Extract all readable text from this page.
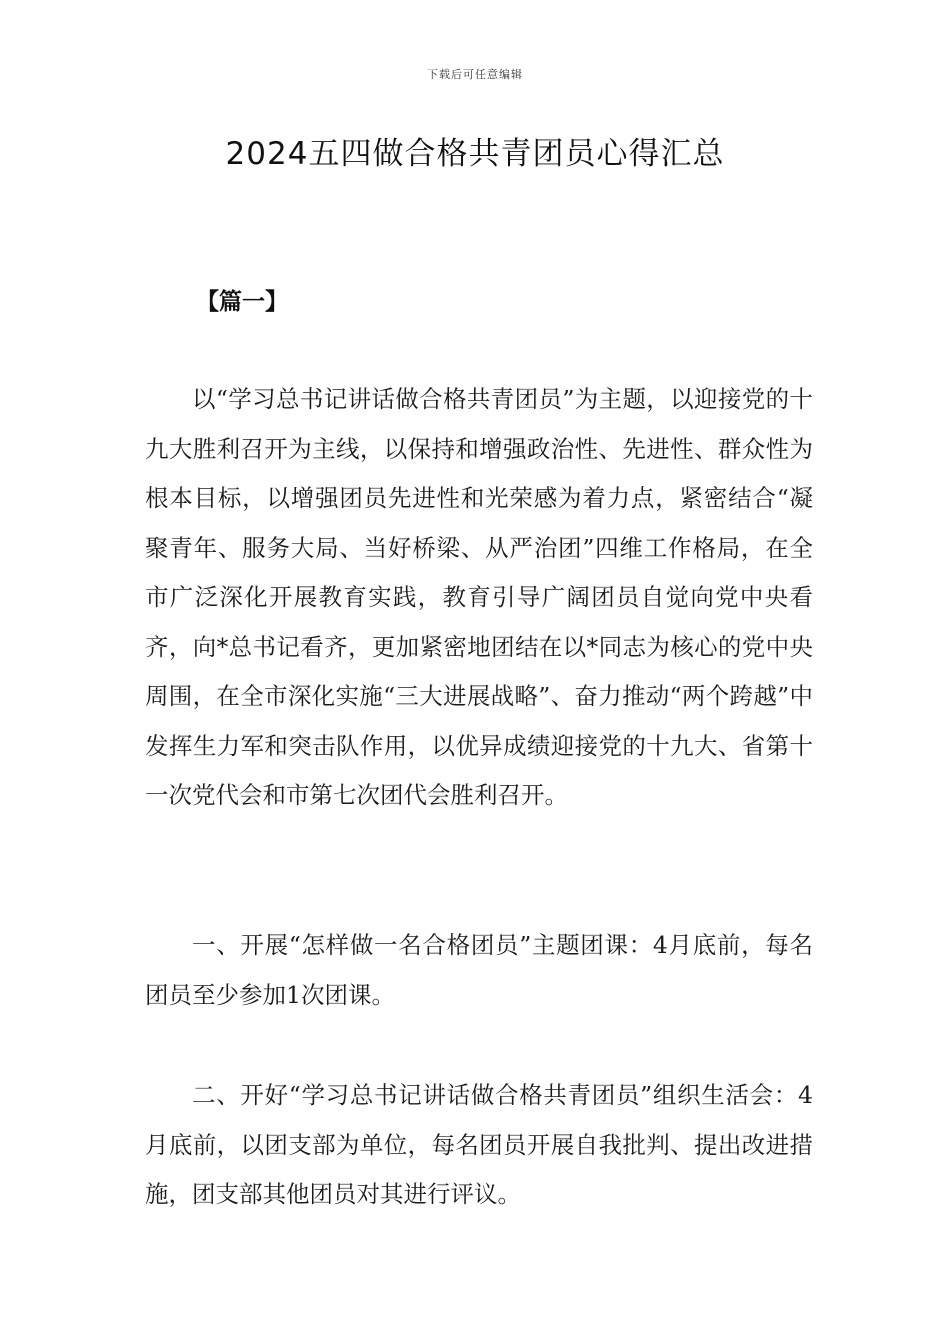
下载后可任意编辑
2024五四做合格共青团员心得汇总

【篇一】

以“学习总书记讲话做合格共青团员”为主题，以迎接党的十九大胜利召开为主线，以保持和增强政治性、先进性、群众性为根本目标，以增强团员先进性和光荣感为着力点，紧密结合“凝聚青年、服务大局、当好桥梁、从严治团”四维工作格局，在全市广泛深化开展教育实践，教育引导广阔团员自觉向党中央看齐，向*总书记看齐，更加紧密地团结在以*同志为核心的党中央周围，在全市深化实施“三大进展战略”、奋力推动“两个跨越”中发挥生力军和突击队作用，以优异成绩迎接党的十九大、省第十一次党代会和市第七次团代会胜利召开。

一、开展“怎样做一名合格团员”主题团课：4月底前，每名团员至少参加1次团课。

二、开好“学习总书记讲话做合格共青团员”组织生活会：4月底前，以团支部为单位，每名团员开展自我批判、提出改进措施，团支部其他团员对其进行评议。
